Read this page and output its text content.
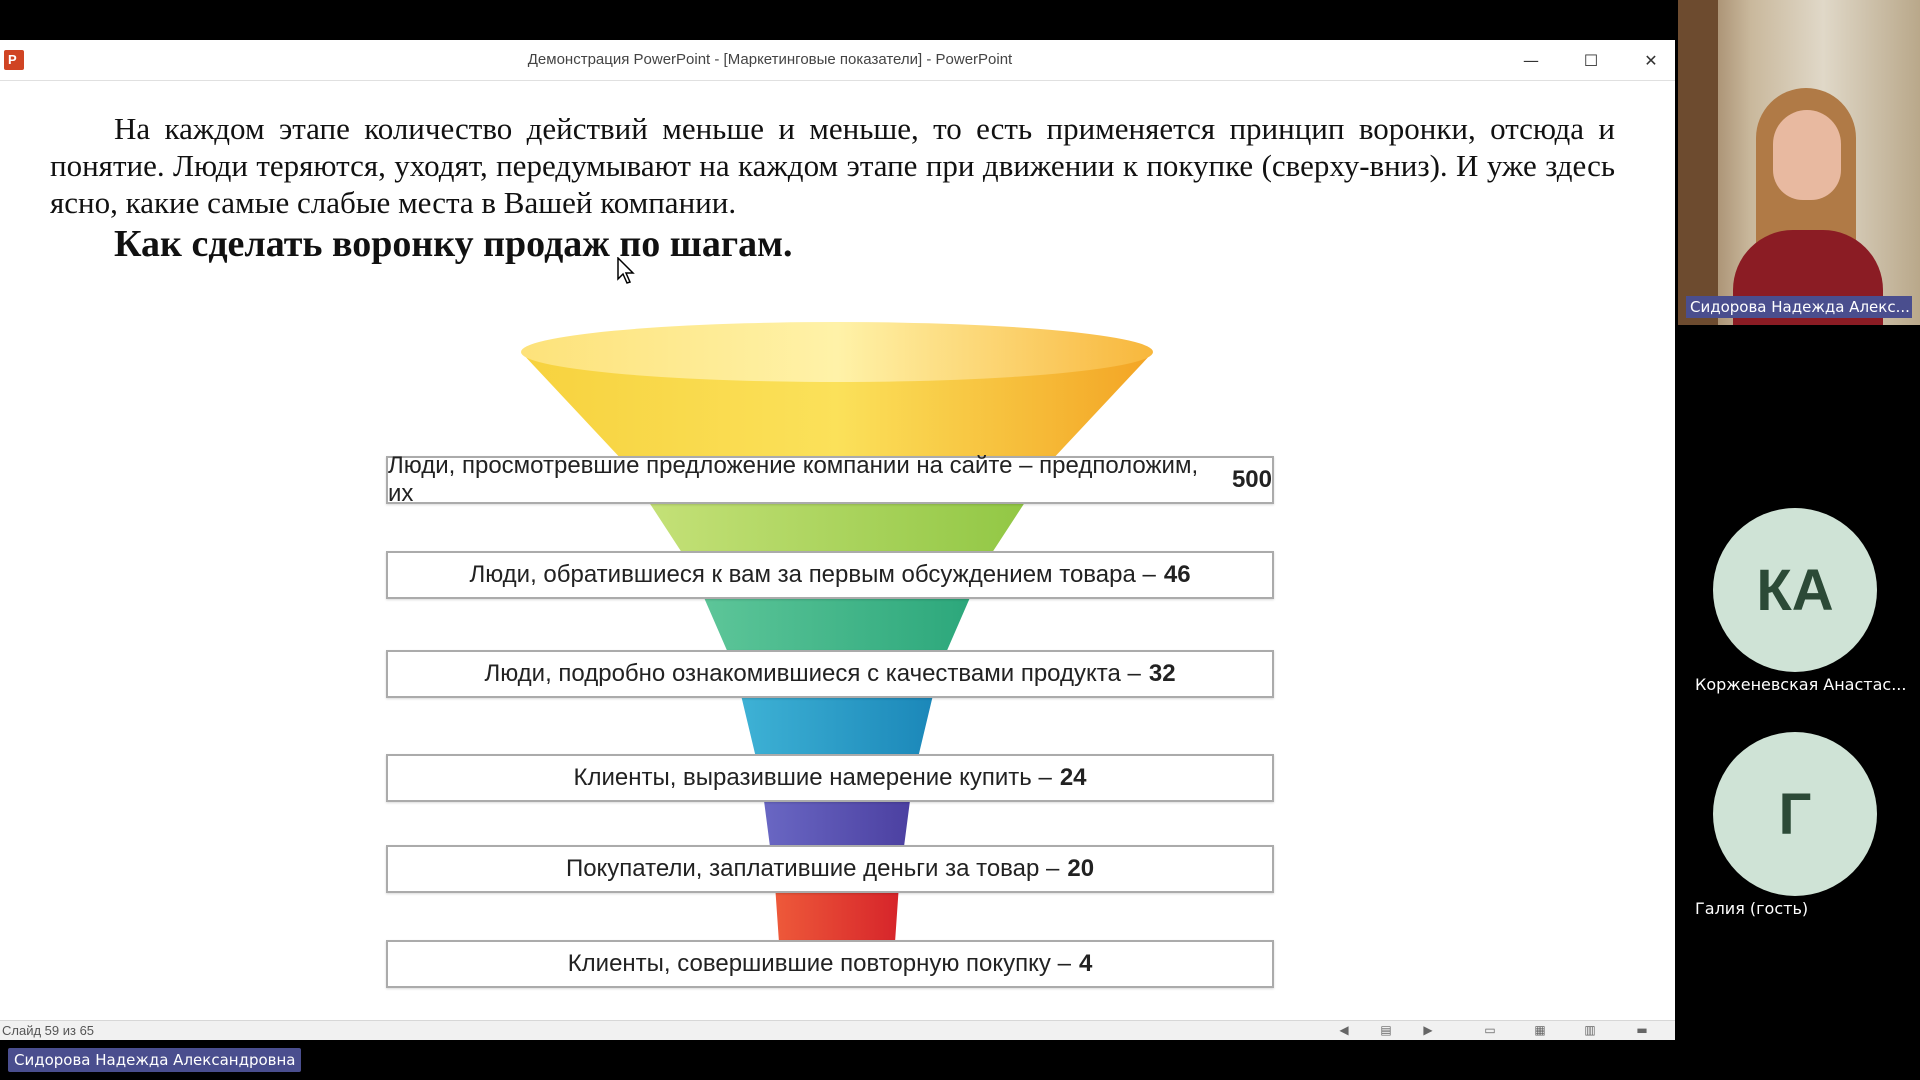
P	Демонстрация PowerPoint - [Маркетинговые показатели] - PowerPoint	—	☐	✕
На каждом этапе количество действий меньше и меньше, то есть применяется принцип воронки, отсюда и понятие. Люди теряются, уходят, передумывают на каждом этапе при движении к покупке (сверху-вниз). И уже здесь ясно, какие самые слабые места в Вашей компании.
Как сделать воронку продаж по шагам.
Люди, просмотревшие предложение компании на сайте – предположим, их
500
Люди, обратившиеся к вам за первым обсуждением товара – 46
Люди, подробно ознакомившиеся с качествами продукта – 32
Клиенты, выразившие намерение купить – 24
Покупатели, заплатившие деньги за товар – 20
Клиенты, совершившие повторную покупку – 4
Слайд 59 из 65	◀	▤	▶	▭	▦	▥	▬
Сидорова Надежда Александровна
Сидорова Надежда Алекс...
КА
Корженевская Анастас...
Г
Галия (гость)
